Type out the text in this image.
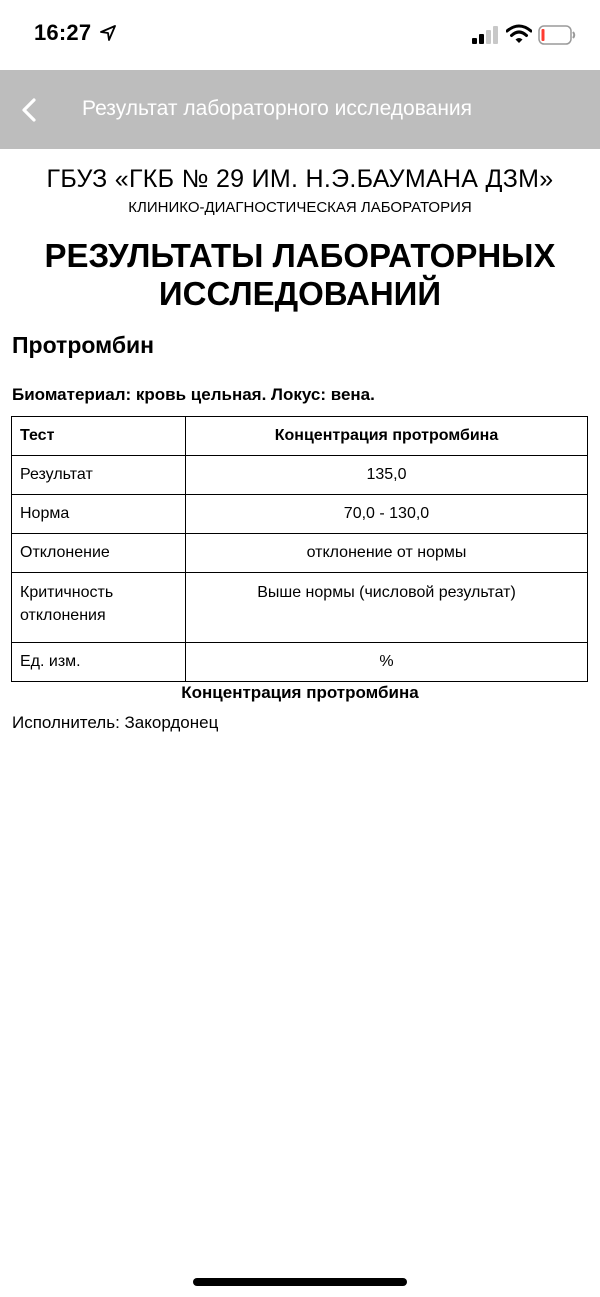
16:27
Результат лабораторного исследования
ГБУЗ «ГКБ № 29 ИМ. Н.Э.БАУМАНА ДЗМ»
КЛИНИКО-ДИАГНОСТИЧЕСКАЯ ЛАБОРАТОРИЯ
РЕЗУЛЬТАТЫ ЛАБОРАТОРНЫХ
ИССЛЕДОВАНИЙ
Протромбин
Биоматериал: кровь цельная. Локус: вена.
Тест	Концентрация протромбина
Результат	135,0
Норма	70,0 - 130,0
Отклонение	отклонение от нормы
Критичность отклонения	Выше нормы (числовой результат)
Ед. изм.	%
Концентрация протромбина
Исполнитель: Закордонец
